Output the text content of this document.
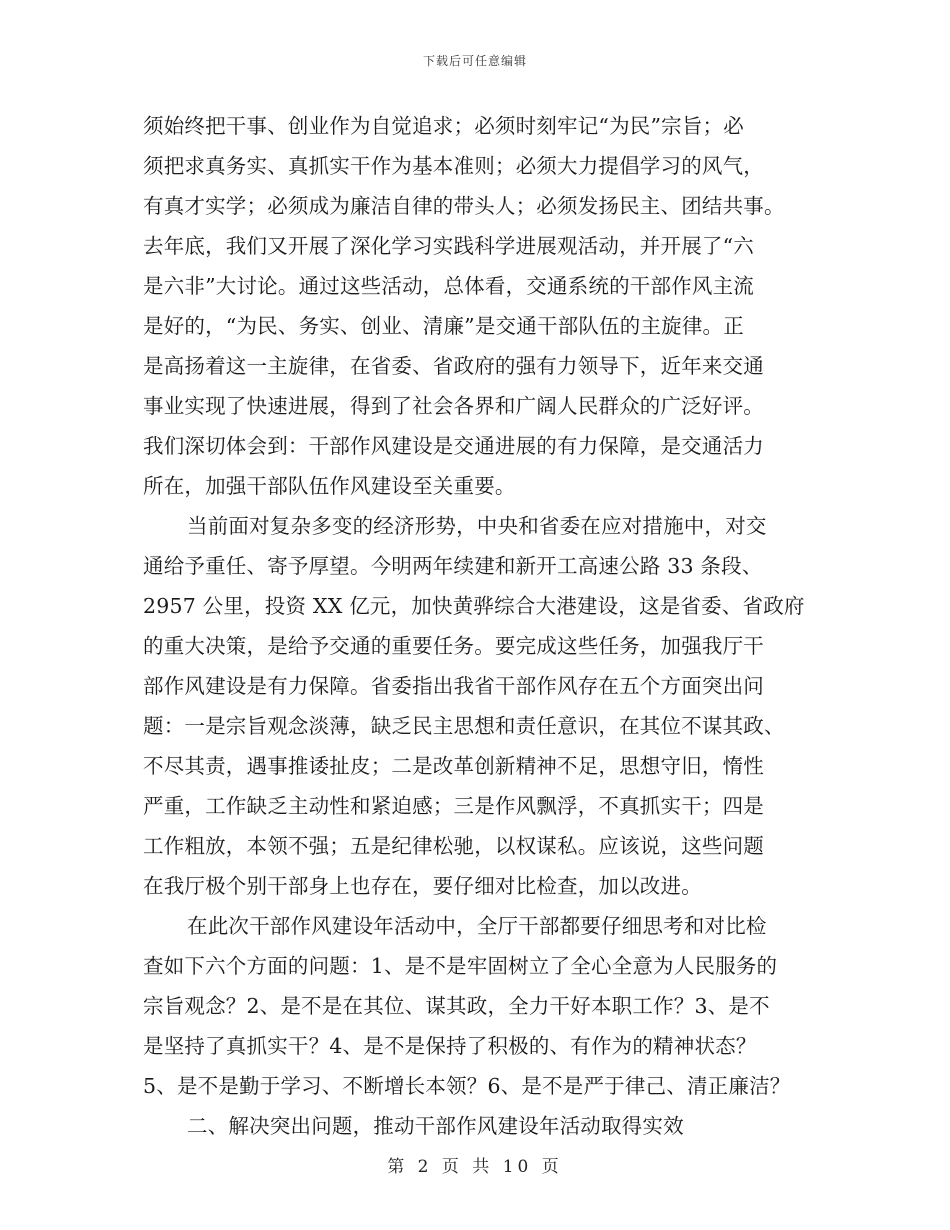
下载后可任意编辑
须始终把干事、创业作为自觉追求；必须时刻牢记“为民”宗旨；必
须把求真务实、真抓实干作为基本准则；必须大力提倡学习的风气，
有真才实学；必须成为廉洁自律的带头人；必须发扬民主、团结共事。
去年底，我们又开展了深化学习实践科学进展观活动，并开展了“六
是六非”大讨论。通过这些活动，总体看，交通系统的干部作风主流
是好的，“为民、务实、创业、清廉”是交通干部队伍的主旋律。正
是高扬着这一主旋律，在省委、省政府的强有力领导下，近年来交通
事业实现了快速进展，得到了社会各界和广阔人民群众的广泛好评。
我们深切体会到：干部作风建设是交通进展的有力保障，是交通活力
所在，加强干部队伍作风建设至关重要。
当前面对复杂多变的经济形势，中央和省委在应对措施中，对交
通给予重任、寄予厚望。今明两年续建和新开工高速公路 33 条段、
2957 公里，投资 XX 亿元，加快黄骅综合大港建设，这是省委、省政府
的重大决策，是给予交通的重要任务。要完成这些任务，加强我厅干
部作风建设是有力保障。省委指出我省干部作风存在五个方面突出问
题：一是宗旨观念淡薄，缺乏民主思想和责任意识，在其位不谋其政、
不尽其责，遇事推诿扯皮；二是改革创新精神不足，思想守旧，惰性
严重，工作缺乏主动性和紧迫感；三是作风飘浮，不真抓实干；四是
工作粗放，本领不强；五是纪律松驰，以权谋私。应该说，这些问题
在我厅极个别干部身上也存在，要仔细对比检查，加以改进。
在此次干部作风建设年活动中，全厅干部都要仔细思考和对比检
查如下六个方面的问题：1、是不是牢固树立了全心全意为人民服务的
宗旨观念？2、是不是在其位、谋其政，全力干好本职工作？3、是不
是坚持了真抓实干？4、是不是保持了积极的、有作为的精神状态？
5、是不是勤于学习、不断增长本领？6、是不是严于律己、清正廉洁？
二、解决突出问题，推动干部作风建设年活动取得实效
第 2 页 共 10 页
